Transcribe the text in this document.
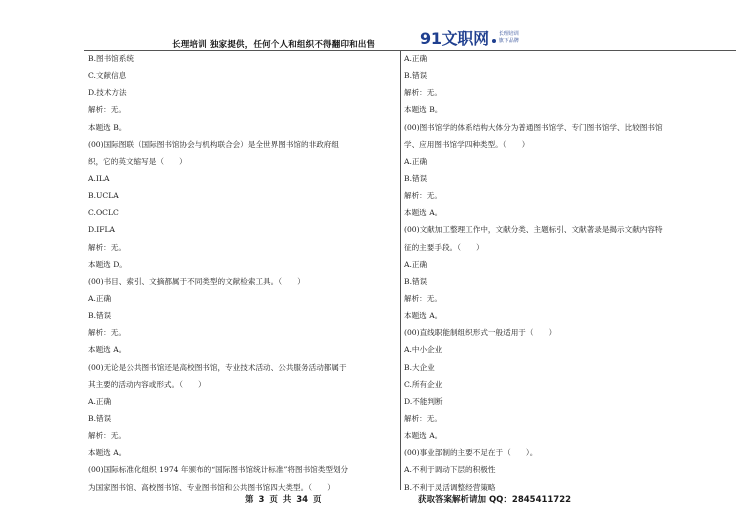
长理培训 独家提供，任何个人和组织不得翻印和出售	91文职网 长理培训
旗下品牌
B.图书馆系统
C.文献信息
D.技术方法
解析：无。
本题选 B。
(00)国际图联（国际图书馆协会与机构联合会）是全世界图书馆的非政府组
织，它的英文缩写是（　　）
A.ILA
B.UCLA
C.OCLC
D.IFLA
解析：无。
本题选 D。
(00)书目、索引、文摘都属于不同类型的文献检索工具。（　　）
A.正确
B.错误
解析：无。
本题选 A。
(00)无论是公共图书馆还是高校图书馆，专业技术活动、公共服务活动都属于
其主要的活动内容或形式。（　　）
A.正确
B.错误
解析：无。
本题选 A。
(00)国际标准化组织 1974 年颁布的“国际图书馆统计标准”将图书馆类型划分
为国家图书馆、高校图书馆、专业图书馆和公共图书馆四大类型。（　　）
A.正确
B.错误
解析：无。
本题选 B。
(00)图书馆学的体系结构大体分为普通图书馆学、专门图书馆学、比较图书馆
学、应用图书馆学四种类型。（　　）
A.正确
B.错误
解析：无。
本题选 A。
(00)文献加工整理工作中，文献分类、主题标引、文献著录是揭示文献内容特
征的主要手段。（　　）
A.正确
B.错误
解析：无。
本题选 A。
(00)直线职能制组织形式一般适用于（　　）
A.中小企业
B.大企业
C.所有企业
D.不能判断
解析：无。
本题选 A。
(00)事业部制的主要不足在于（　　）。
A.不利于调动下层的积极性
B.不利于灵活调整经营策略
第 3 页 共 34 页	获取答案解析请加 QQ：2845411722
